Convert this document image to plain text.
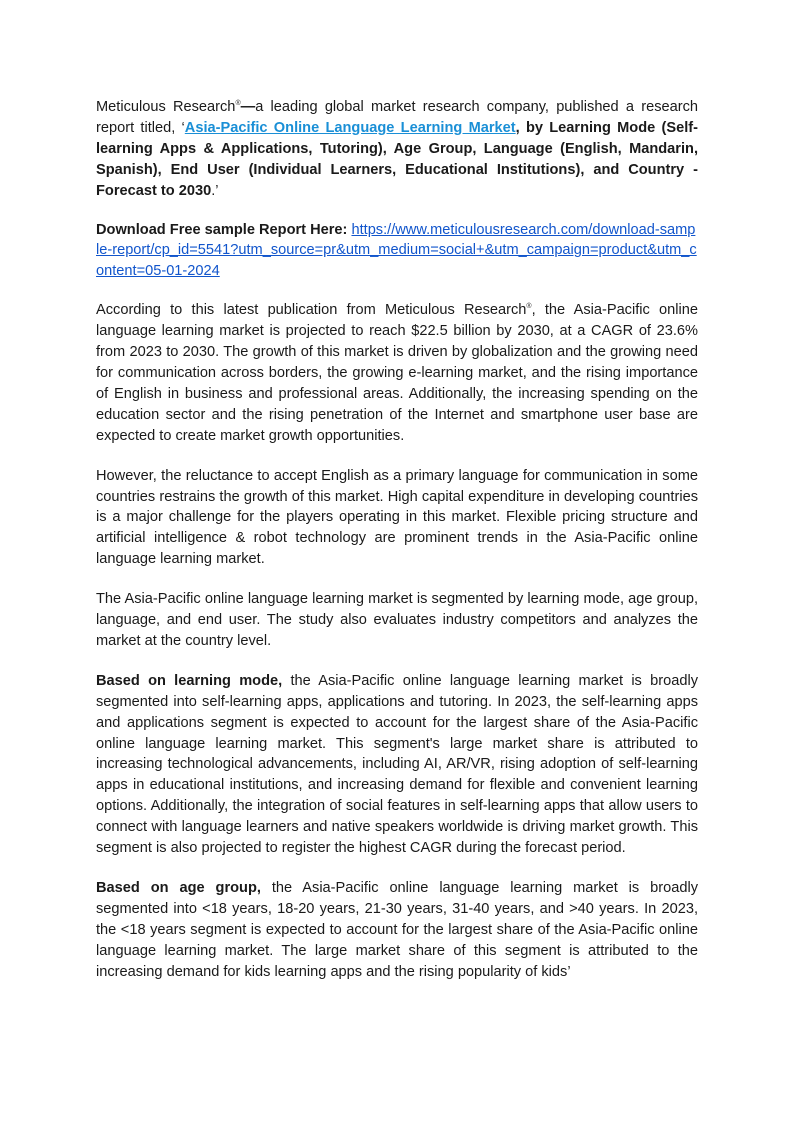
Meticulous Research®—a leading global market research company, published a research report titled, ‘Asia-Pacific Online Language Learning Market, by Learning Mode (Self-learning Apps & Applications, Tutoring), Age Group, Language (English, Mandarin, Spanish), End User (Individual Learners, Educational Institutions), and Country - Forecast to 2030.’

Download Free sample Report Here: https://www.meticulousresearch.com/download-sample-report/cp_id=5541?utm_source=pr&utm_medium=social+&utm_campaign=product&utm_content=05-01-2024

According to this latest publication from Meticulous Research®, the Asia-Pacific online language learning market is projected to reach $22.5 billion by 2030, at a CAGR of 23.6% from 2023 to 2030. The growth of this market is driven by globalization and the growing need for communication across borders, the growing e-learning market, and the rising importance of English in business and professional areas. Additionally, the increasing spending on the education sector and the rising penetration of the Internet and smartphone user base are expected to create market growth opportunities.

However, the reluctance to accept English as a primary language for communication in some countries restrains the growth of this market. High capital expenditure in developing countries is a major challenge for the players operating in this market. Flexible pricing structure and artificial intelligence & robot technology are prominent trends in the Asia-Pacific online language learning market.

The Asia-Pacific online language learning market is segmented by learning mode, age group, language, and end user. The study also evaluates industry competitors and analyzes the market at the country level.

Based on learning mode, the Asia-Pacific online language learning market is broadly segmented into self-learning apps, applications and tutoring. In 2023, the self-learning apps and applications segment is expected to account for the largest share of the Asia-Pacific online language learning market. This segment's large market share is attributed to increasing technological advancements, including AI, AR/VR, rising adoption of self-learning apps in educational institutions, and increasing demand for flexible and convenient learning options. Additionally, the integration of social features in self-learning apps that allow users to connect with language learners and native speakers worldwide is driving market growth. This segment is also projected to register the highest CAGR during the forecast period.

Based on age group, the Asia-Pacific online language learning market is broadly segmented into <18 years, 18-20 years, 21-30 years, 31-40 years, and >40 years. In 2023, the <18 years segment is expected to account for the largest share of the Asia-Pacific online language learning market. The large market share of this segment is attributed to the increasing demand for kids learning apps and the rising popularity of kids’
